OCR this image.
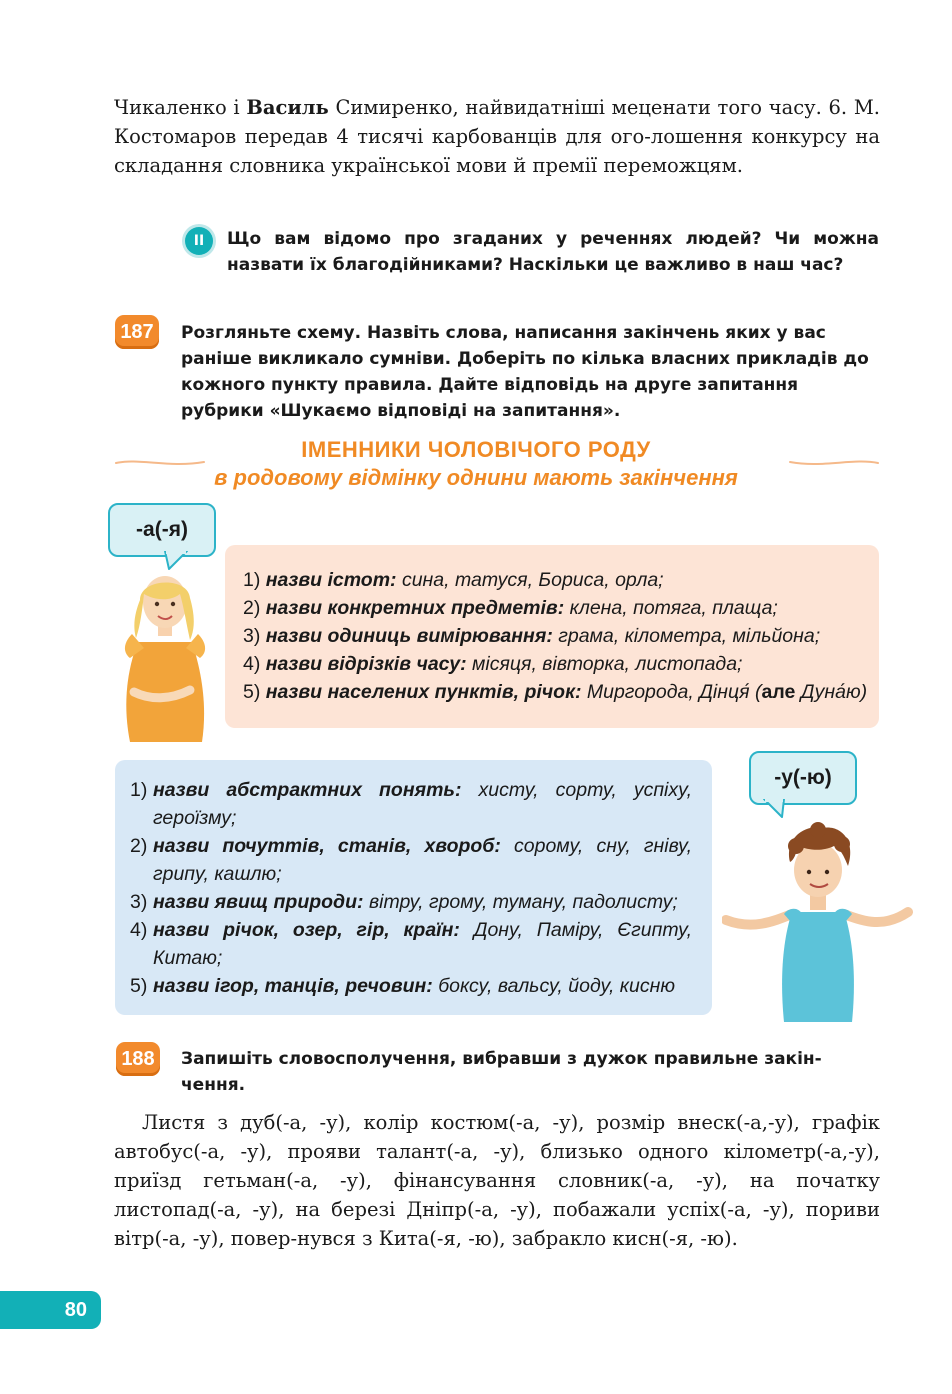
Чикаленко і Василь Симиренко, найвидатніші меценати того часу. 6. М. Костомаров передав 4 тисячі карбованців для ого-лошення конкурсу на складання словника української мови й премії переможцям.

II	Що вам відомо про згаданих у реченнях людей? Чи можна назвати їх благодійниками? Наскільки це важливо в наш час?

187	Розгляньте схему. Назвіть слова, написання закінчень яких у вас раніше викликало сумніви. Доберіть по кілька власних прикладів до кожного пункту правила. Дайте відповідь на друге запитання рубрики «Шукаємо відповіді на запитання».

ІМЕННИКИ ЧОЛОВІЧОГО РОДУ
в родовому відмінку однини мають закінчення
-а(-я)
1) назви істот: сина, татуся, Бориса, орла;
2) назви конкретних предметів: клена, потяга, плаща;
3) назви одиниць вимірювання: грама, кілометра, мільйона;
4) назви відрізків часу: місяця, вівторка, листопада;
5) назви населених пунктів, річок: Миргорода, Дінця́ (але Дуна́ю)
1) назви абстрактних понять: хисту, сорту, успіху, героїзму;
2) назви почуттів, станів, хвороб: сорому, сну, гніву, грипу, кашлю;
3) назви явищ природи: вітру, грому, туману, падолисту;
4) назви річок, озер, гір, країн: Дону, Паміру, Єгипту, Китаю;
5) назви ігор, танців, речовин: боксу, вальсу, йоду, кисню
-у(-ю)
188	Запишіть словосполучення, вибравши з дужок правильне закін-чення.

Листя з дуб(-а, -у), колір костюм(-а, -у), розмір внеск(-а,-у), графік автобус(-а, -у), прояви талант(-а, -у), близько одного кілометр(-а,-у), приїзд гетьман(-а, -у), фінансування словник(-а, -у), на початку листопад(-а, -у), на березі Дніпр(-а, -у), побажали успіх(-а, -у), пориви вітр(-а, -у), повер-нувся з Кита(-я, -ю), забракло кисн(-я, -ю).

80
